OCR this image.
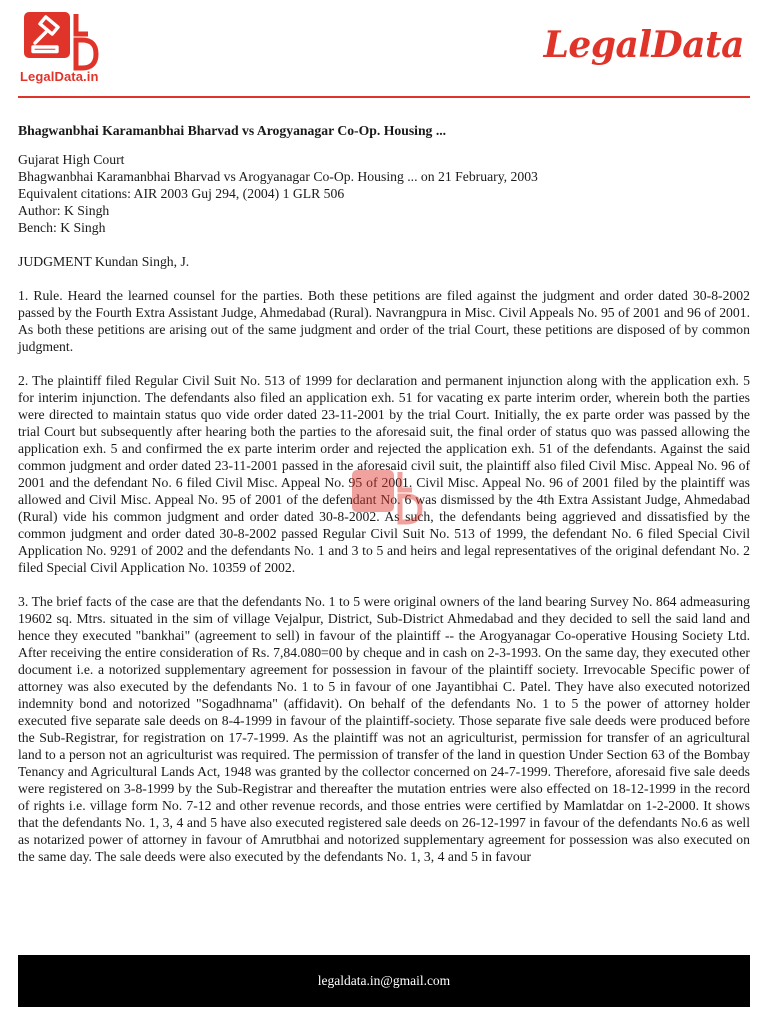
LegalData.in
LegalData

Bhagwanbhai Karamanbhai Bharvad vs Arogyanagar Co-Op. Housing ...

Gujarat High Court

Bhagwanbhai Karamanbhai Bharvad vs Arogyanagar Co-Op. Housing ... on 21 February, 2003

Equivalent citations: AIR 2003 Guj 294, (2004) 1 GLR 506

Author: K Singh

Bench: K Singh

JUDGMENT Kundan Singh, J.

1. Rule. Heard the learned counsel for the parties. Both these petitions are filed against the judgment and order dated 30-8-2002 passed by the Fourth Extra Assistant Judge, Ahmedabad (Rural). Navrangpura in Misc. Civil Appeals No. 95 of 2001 and 96 of 2001. As both these petitions are arising out of the same judgment and order of the trial Court, these petitions are disposed of by common judgment.

2. The plaintiff filed Regular Civil Suit No. 513 of 1999 for declaration and permanent injunction along with the application exh. 5 for interim injunction. The defendants also filed an application exh. 51 for vacating ex parte interim order, wherein both the parties were directed to maintain status quo vide order dated 23-11-2001 by the trial Court. Initially, the ex parte order was passed by the trial Court but subsequently after hearing both the parties to the aforesaid suit, the final order of status quo was passed allowing the application exh. 5 and confirmed the ex parte interim order and rejected the application exh. 51 of the defendants. Against the said common judgment and order dated 23-11-2001 passed in the aforesaid civil suit, the plaintiff also filed Civil Misc. Appeal No. 96 of 2001 and the defendant No. 6 filed Civil Misc. Appeal No. 95 of 2001. Civil Misc. Appeal No. 96 of 2001 filed by the plaintiff was allowed and Civil Misc. Appeal No. 95 of 2001 of the defendant No. 6 was dismissed by the 4th Extra Assistant Judge, Ahmedabad (Rural) vide his common judgment and order dated 30-8-2002. As such, the defendants being aggrieved and dissatisfied by the common judgment and order dated 30-8-2002 passed Regular Civil Suit No. 513 of 1999, the defendant No. 6 filed Special Civil Application No. 9291 of 2002 and the defendants No. 1 and 3 to 5 and heirs and legal representatives of the original defendant No. 2 filed Special Civil Application No. 10359 of 2002.

3. The brief facts of the case are that the defendants No. 1 to 5 were original owners of the land bearing Survey No. 864 admeasuring 19602 sq. Mtrs. situated in the sim of village Vejalpur, District, Sub-District Ahmedabad and they decided to sell the said land and hence they executed "bankhai" (agreement to sell) in favour of the plaintiff -- the Arogyanagar Co-operative Housing Society Ltd. After receiving the entire consideration of Rs. 7,84.080=00 by cheque and in cash on 2-3-1993. On the same day, they executed other document i.e. a notorized supplementary agreement for possession in favour of the plaintiff society. Irrevocable Specific power of attorney was also executed by the defendants No. 1 to 5 in favour of one Jayantibhai C. Patel. They have also executed notorized indemnity bond and notorized "Sogadhnama" (affidavit). On behalf of the defendants No. 1 to 5 the power of attorney holder executed five separate sale deeds on 8-4-1999 in favour of the plaintiff-society. Those separate five sale deeds were produced before the Sub-Registrar, for registration on 17-7-1999. As the plaintiff was not an agriculturist, permission for transfer of an agricultural land to a person not an agriculturist was required. The permission of transfer of the land in question Under Section 63 of the Bombay Tenancy and Agricultural Lands Act, 1948 was granted by the collector concerned on 24-7-1999. Therefore, aforesaid five sale deeds were registered on 3-8-1999 by the Sub-Registrar and thereafter the mutation entries were also effected on 18-12-1999 in the record of rights i.e. village form No. 7-12 and other revenue records, and those entries were certified by Mamlatdar on 1-2-2000. It shows that the defendants No. 1, 3, 4 and 5 have also executed registered sale deeds on 26-12-1997 in favour of the defendants No.6 as well as notarized power of attorney in favour of Amrutbhai and notorized supplementary agreement for possession was also executed on the same day. The sale deeds were also executed by the defendants No. 1, 3, 4 and 5 in favour

legaldata.in@gmail.com
